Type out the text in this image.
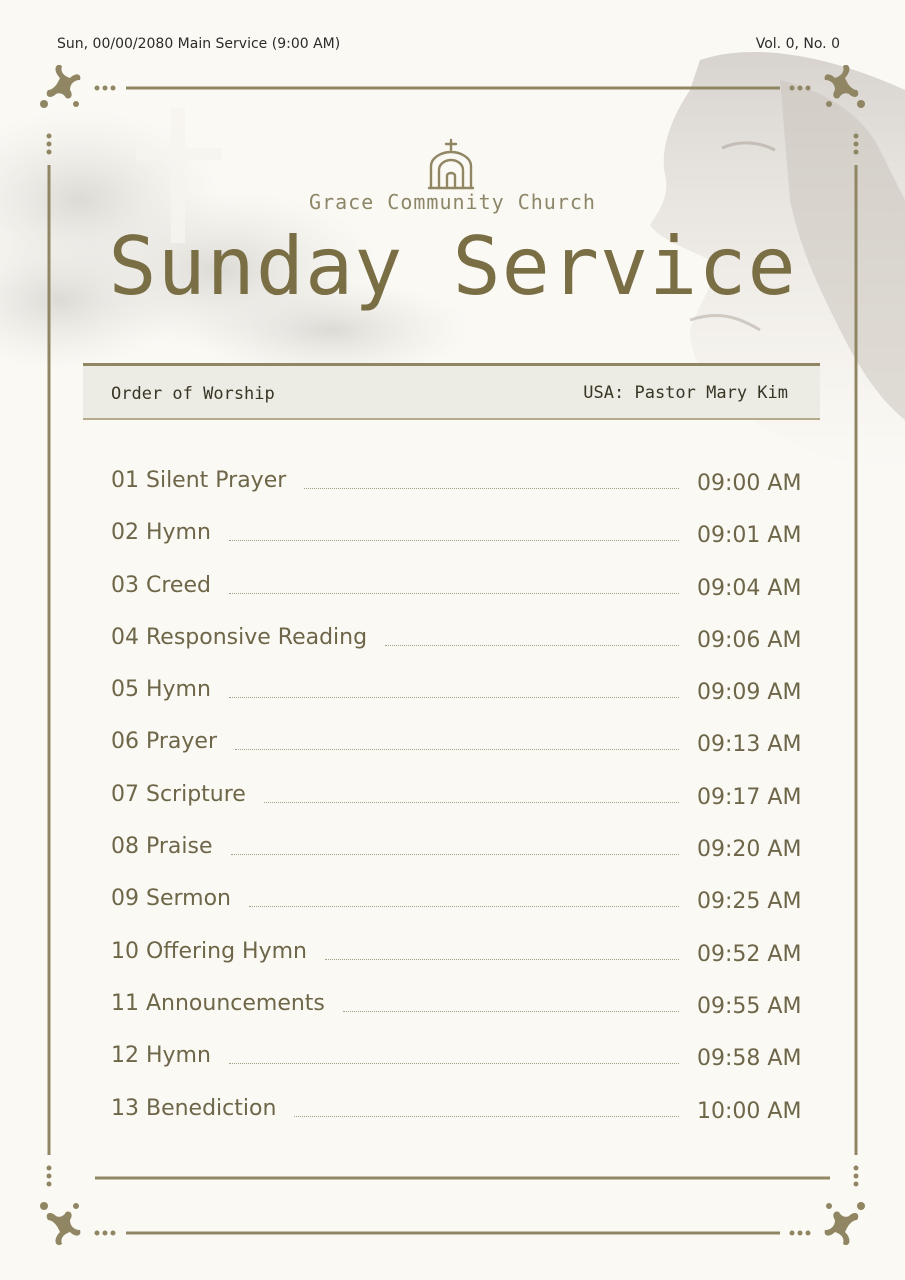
Sun, 00/00/2080 Main Service (9:00 AM)	Vol. 0, No. 0
Grace Community Church
Sunday Service
Order of Worship	USA: Pastor Mary Kim
01 Silent Prayer	09:00 AM
02 Hymn	09:01 AM
03 Creed	09:04 AM
04 Responsive Reading	09:06 AM
05 Hymn	09:09 AM
06 Prayer	09:13 AM
07 Scripture	09:17 AM
08 Praise	09:20 AM
09 Sermon	09:25 AM
10 Offering Hymn	09:52 AM
11 Announcements	09:55 AM
12 Hymn	09:58 AM
13 Benediction	10:00 AM
